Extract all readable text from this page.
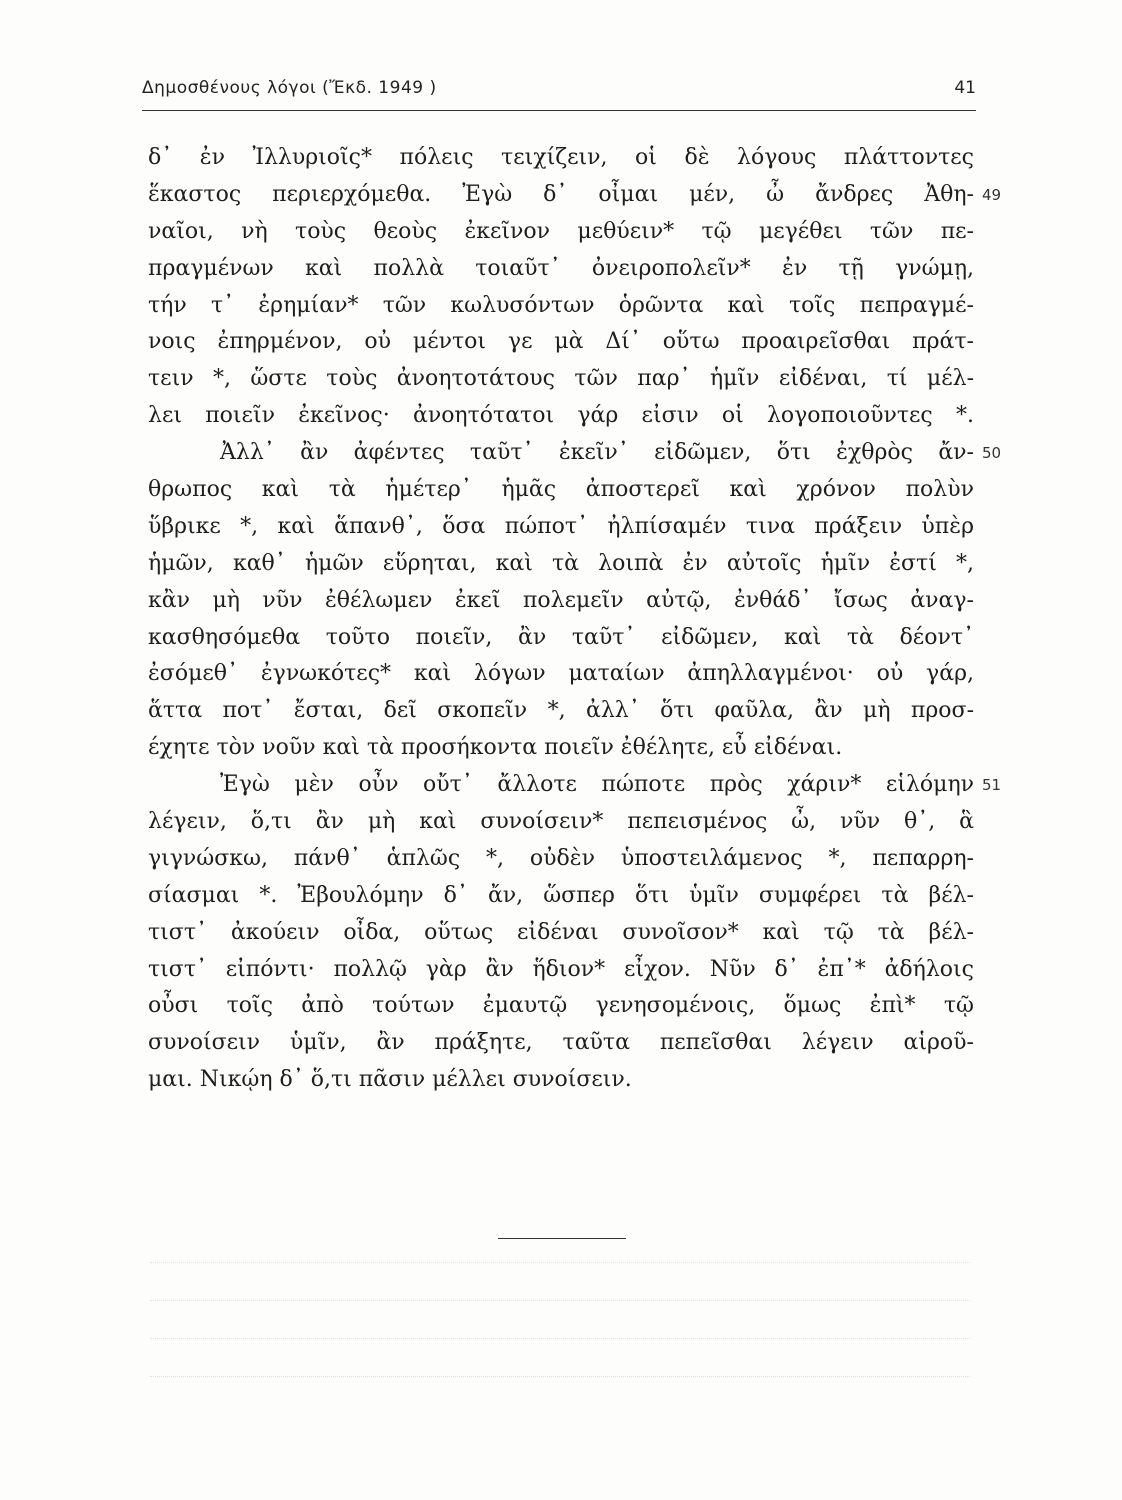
Δημοσθένους λόγοι (Ἔκδ. 1949 )	41
δ᾽ ἐν Ἰλλυριοῖς* πόλεις τειχίζειν, οἱ δὲ λόγους πλάττοντες
ἕκαστος περιερχόμεθα. Ἐγὼ δ᾽ οἶμαι μέν, ὦ ἄνδρες Ἀθη- 49
ναῖοι, νὴ τοὺς θεοὺς ἐκεῖνον μεθύειν* τῷ μεγέθει τῶν πε-
πραγμένων καὶ πολλὰ τοιαῦτ᾽ ὀνειροπολεῖν* ἐν τῇ γνώμῃ,
τήν τ᾽ ἐρημίαν* τῶν κωλυσόντων ὁρῶντα καὶ τοῖς πεπραγμέ-
νοις ἐπηρμένον, οὐ μέντοι γε μὰ Δί᾽ οὕτω προαιρεῖσθαι πράτ-
τειν *, ὥστε τοὺς ἀνοητοτάτους τῶν παρ᾽ ἡμῖν εἰδέναι, τί μέλ-
λει ποιεῖν ἐκεῖνος· ἀνοητότατοι γάρ εἰσιν οἱ λογοποιοῦντες *.
Ἀλλ᾽ ἂν ἀφέντες ταῦτ᾽ ἐκεῖν᾽ εἰδῶμεν, ὅτι ἐχθρὸς ἄν- 50
θρωπος καὶ τὰ ἡμέτερ᾽ ἡμᾶς ἀποστερεῖ καὶ χρόνον πολὺν
ὕβρικε *, καὶ ἅπανθ᾽, ὅσα πώποτ᾽ ἠλπίσαμέν τινα πράξειν ὑπὲρ
ἡμῶν, καθ᾽ ἡμῶν εὕρηται, καὶ τὰ λοιπὰ ἐν αὐτοῖς ἡμῖν ἐστί *,
κἂν μὴ νῦν ἐθέλωμεν ἐκεῖ πολεμεῖν αὐτῷ, ἐνθάδ᾽ ἴσως ἀναγ-
κασθησόμεθα τοῦτο ποιεῖν, ἂν ταῦτ᾽ εἰδῶμεν, καὶ τὰ δέοντ᾽
ἐσόμεθ᾽ ἐγνωκότες* καὶ λόγων ματαίων ἀπηλλαγμένοι· οὐ γάρ,
ἅττα ποτ᾽ ἔσται, δεῖ σκοπεῖν *, ἀλλ᾽ ὅτι φαῦλα, ἂν μὴ προσ-
έχητε τὸν νοῦν καὶ τὰ προσήκοντα ποιεῖν ἐθέλητε, εὖ εἰδέναι.
Ἐγὼ μὲν οὖν οὔτ᾽ ἄλλοτε πώποτε πρὸς χάριν* εἱλόμην 51
λέγειν, ὅ,τι ἂν μὴ καὶ συνοίσειν* πεπεισμένος ὦ, νῦν θ᾽, ἃ
γιγνώσκω, πάνθ᾽ ἁπλῶς *, οὐδὲν ὑποστειλάμενος *, πεπαρρη-
σίασμαι *. Ἐβουλόμην δ᾽ ἄν, ὥσπερ ὅτι ὑμῖν συμφέρει τὰ βέλ-
τιστ᾽ ἀκούειν οἶδα, οὕτως εἰδέναι συνοῖσον* καὶ τῷ τὰ βέλ-
τιστ᾽ εἰπόντι· πολλῷ γὰρ ἂν ἥδιον* εἶχον. Νῦν δ᾽ ἐπ᾽* ἀδήλοις
οὖσι τοῖς ἀπὸ τούτων ἐμαυτῷ γενησομένοις, ὅμως ἐπὶ* τῷ
συνοίσειν ὑμῖν, ἂν πράξητε, ταῦτα πεπεῖσθαι λέγειν αἱροῦ-
μαι. Νικῴη δ᾽ ὅ,τι πᾶσιν μέλλει συνοίσειν.
